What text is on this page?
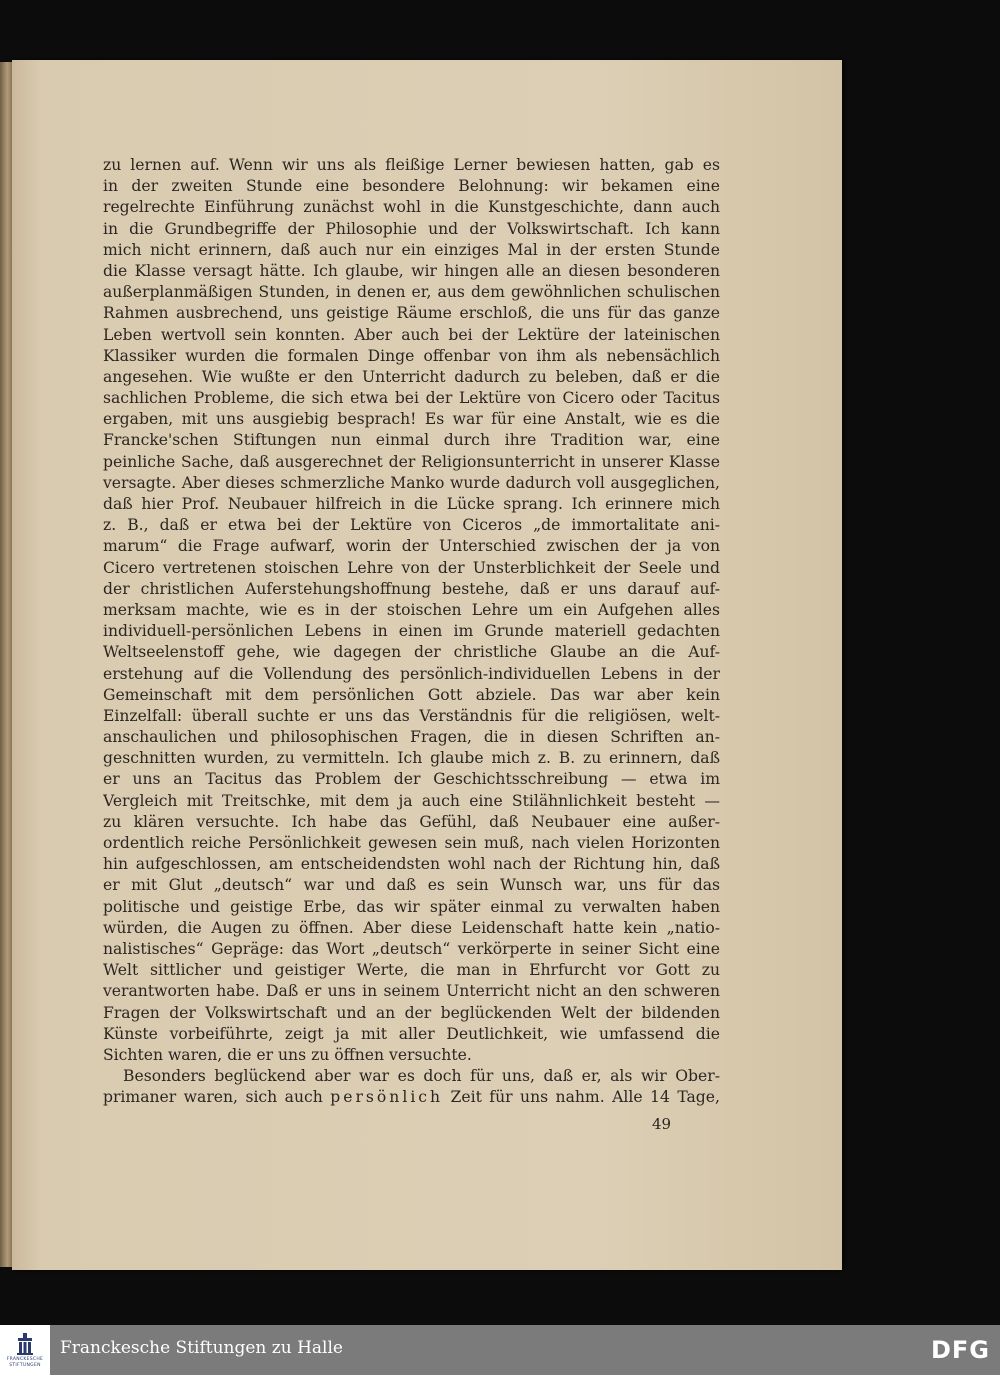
zu lernen auf. Wenn wir uns als fleißige Lerner bewiesen hatten, gab es
in der zweiten Stunde eine besondere Belohnung: wir bekamen eine
regelrechte Einführung zunächst wohl in die Kunstgeschichte, dann auch
in die Grundbegriffe der Philosophie und der Volkswirtschaft. Ich kann
mich nicht erinnern, daß auch nur ein einziges Mal in der ersten Stunde
die Klasse versagt hätte. Ich glaube, wir hingen alle an diesen besonderen
außerplanmäßigen Stunden, in denen er, aus dem gewöhnlichen schulischen
Rahmen ausbrechend, uns geistige Räume erschloß, die uns für das ganze
Leben wertvoll sein konnten. Aber auch bei der Lektüre der lateinischen
Klassiker wurden die formalen Dinge offenbar von ihm als nebensächlich
angesehen. Wie wußte er den Unterricht dadurch zu beleben, daß er die
sachlichen Probleme, die sich etwa bei der Lektüre von Cicero oder Tacitus
ergaben, mit uns ausgiebig besprach! Es war für eine Anstalt, wie es die
Francke'schen Stiftungen nun einmal durch ihre Tradition war, eine
peinliche Sache, daß ausgerechnet der Religionsunterricht in unserer Klasse
versagte. Aber dieses schmerzliche Manko wurde dadurch voll ausgeglichen,
daß hier Prof. Neubauer hilfreich in die Lücke sprang. Ich erinnere mich
z. B., daß er etwa bei der Lektüre von Ciceros „de immortalitate ani-
marum“ die Frage aufwarf, worin der Unterschied zwischen der ja von
Cicero vertretenen stoischen Lehre von der Unsterblichkeit der Seele und
der christlichen Auferstehungshoffnung bestehe, daß er uns darauf auf-
merksam machte, wie es in der stoischen Lehre um ein Aufgehen alles
individuell-persönlichen Lebens in einen im Grunde materiell gedachten
Weltseelenstoff gehe, wie dagegen der christliche Glaube an die Auf-
erstehung auf die Vollendung des persönlich-individuellen Lebens in der
Gemeinschaft mit dem persönlichen Gott abziele. Das war aber kein
Einzelfall: überall suchte er uns das Verständnis für die religiösen, welt-
anschaulichen und philosophischen Fragen, die in diesen Schriften an-
geschnitten wurden, zu vermitteln. Ich glaube mich z. B. zu erinnern, daß
er uns an Tacitus das Problem der Geschichtsschreibung — etwa im
Vergleich mit Treitschke, mit dem ja auch eine Stilähnlichkeit besteht —
zu klären versuchte. Ich habe das Gefühl, daß Neubauer eine außer-
ordentlich reiche Persönlichkeit gewesen sein muß, nach vielen Horizonten
hin aufgeschlossen, am entscheidendsten wohl nach der Richtung hin, daß
er mit Glut „deutsch“ war und daß es sein Wunsch war, uns für das
politische und geistige Erbe, das wir später einmal zu verwalten haben
würden, die Augen zu öffnen. Aber diese Leidenschaft hatte kein „natio-
nalistisches“ Gepräge: das Wort „deutsch“ verkörperte in seiner Sicht eine
Welt sittlicher und geistiger Werte, die man in Ehrfurcht vor Gott zu
verantworten habe. Daß er uns in seinem Unterricht nicht an den schweren
Fragen der Volkswirtschaft und an der beglückenden Welt der bildenden
Künste vorbeiführte, zeigt ja mit aller Deutlichkeit, wie umfassend die
Sichten waren, die er uns zu öffnen versuchte.
Besonders beglückend aber war es doch für uns, daß er, als wir Ober-
primaner waren, sich auch persönlich Zeit für uns nahm. Alle 14 Tage,
49
FRANCKESCHE
STIFTUNGEN
Franckesche Stiftungen zu Halle	DFG
